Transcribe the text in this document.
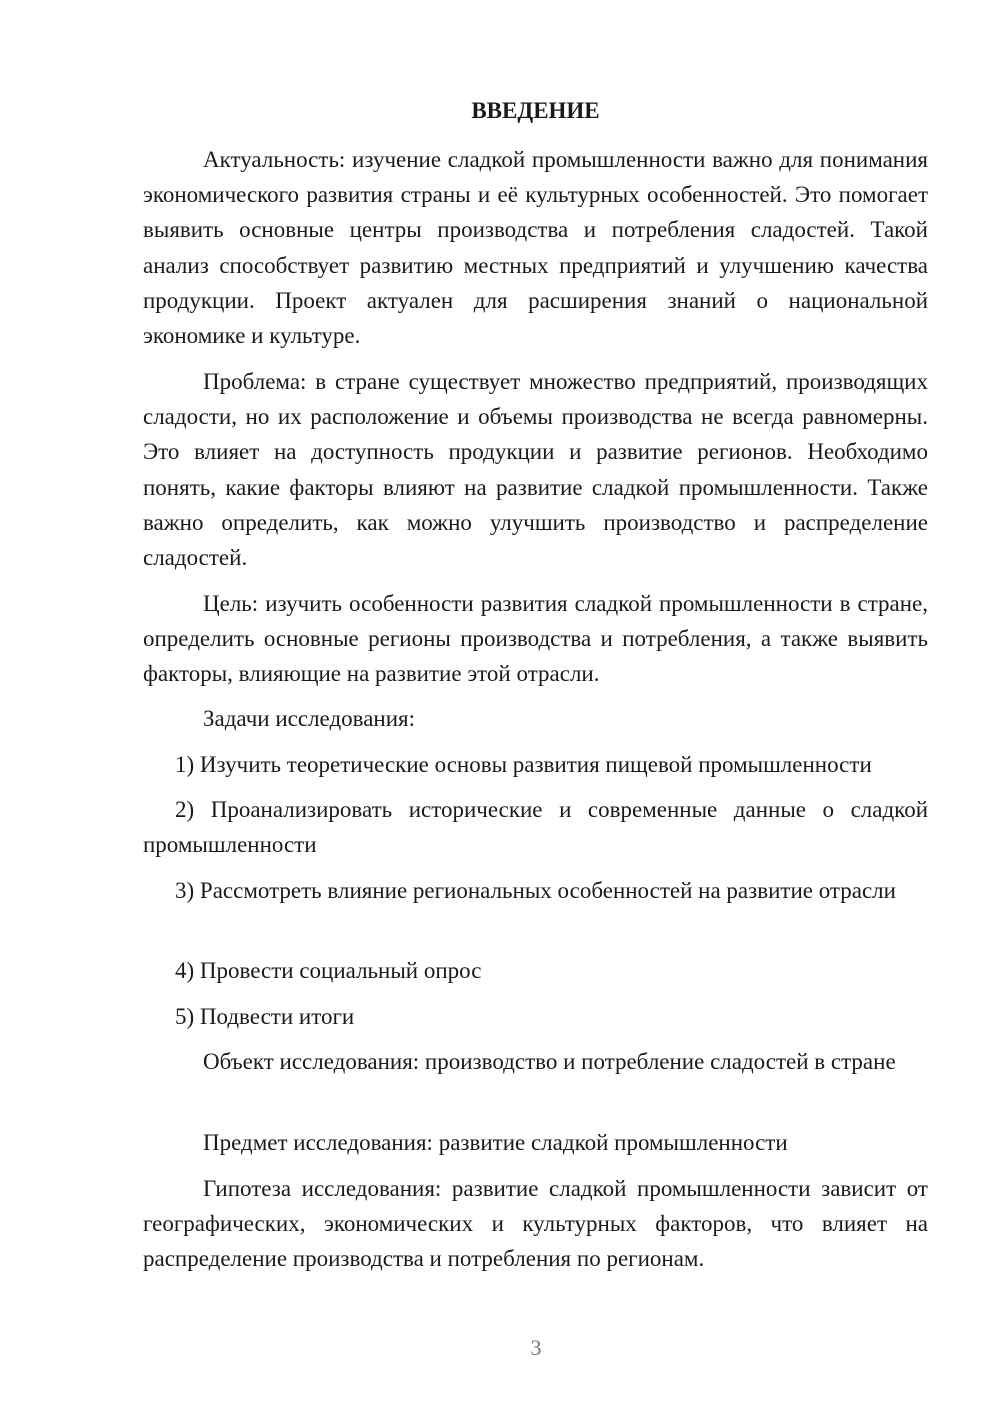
ВВЕДЕНИЕ

Актуальность: изучение сладкой промышленности важно для понимания экономического развития страны и её культурных особенностей. Это помогает выявить основные центры производства и потребления сладостей. Такой анализ способствует развитию местных предприятий и улучшению качества продукции. Проект актуален для расширения знаний о национальной экономике и культуре.

Проблема: в стране существует множество предприятий, производящих сладости, но их расположение и объемы производства не всегда равномерны. Это влияет на доступность продукции и развитие регионов. Необходимо понять, какие факторы влияют на развитие сладкой промышленности. Также важно определить, как можно улучшить производство и распределение сладостей.

Цель: изучить особенности развития сладкой промышленности в стране, определить основные регионы производства и потребления, а также выявить факторы, влияющие на развитие этой отрасли.

Задачи исследования:

1) Изучить теоретические основы развития пищевой промышленности

2) Проанализировать исторические и современные данные о сладкой промышленности

3) Рассмотреть влияние региональных особенностей на развитие отрасли

4) Провести социальный опрос

5) Подвести итоги

Объект исследования: производство и потребление сладостей в стране

Предмет исследования: развитие сладкой промышленности

Гипотеза исследования: развитие сладкой промышленности зависит от географических, экономических и культурных факторов, что влияет на распределение производства и потребления по регионам.

3
